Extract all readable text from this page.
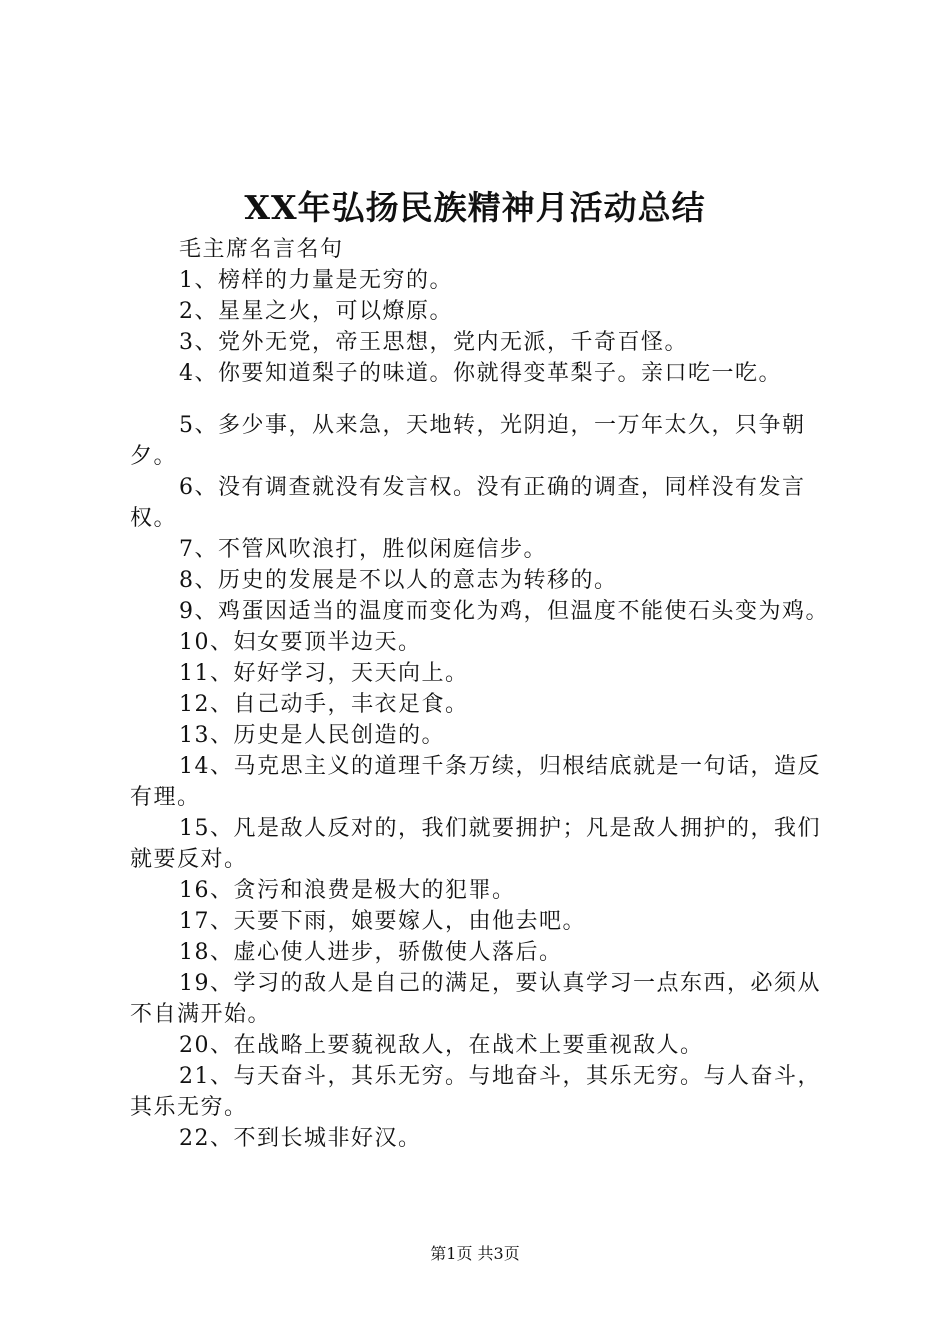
XX年弘扬民族精神月活动总结

毛主席名言名句

1、榜样的力量是无穷的。

2、星星之火，可以燎原。

3、党外无党，帝王思想，党内无派，千奇百怪。

4、你要知道梨子的味道。你就得变革梨子。亲口吃一吃。

5、多少事，从来急，天地转，光阴迫，一万年太久，只争朝夕。

6、没有调查就没有发言权。没有正确的调查，同样没有发言权。

7、不管风吹浪打，胜似闲庭信步。

8、历史的发展是不以人的意志为转移的。

9、鸡蛋因适当的温度而变化为鸡，但温度不能使石头变为鸡。

10、妇女要顶半边天。

11、好好学习，天天向上。

12、自己动手，丰衣足食。

13、历史是人民创造的。

14、马克思主义的道理千条万续，归根结底就是一句话，造反有理。

15、凡是敌人反对的，我们就要拥护；凡是敌人拥护的，我们就要反对。

16、贪污和浪费是极大的犯罪。

17、天要下雨，娘要嫁人，由他去吧。

18、虚心使人进步，骄傲使人落后。

19、学习的敌人是自己的满足，要认真学习一点东西，必须从不自满开始。

20、在战略上要藐视敌人，在战术上要重视敌人。

21、与天奋斗，其乐无穷。与地奋斗，其乐无穷。与人奋斗，其乐无穷。

22、不到长城非好汉。

第1页 共3页
